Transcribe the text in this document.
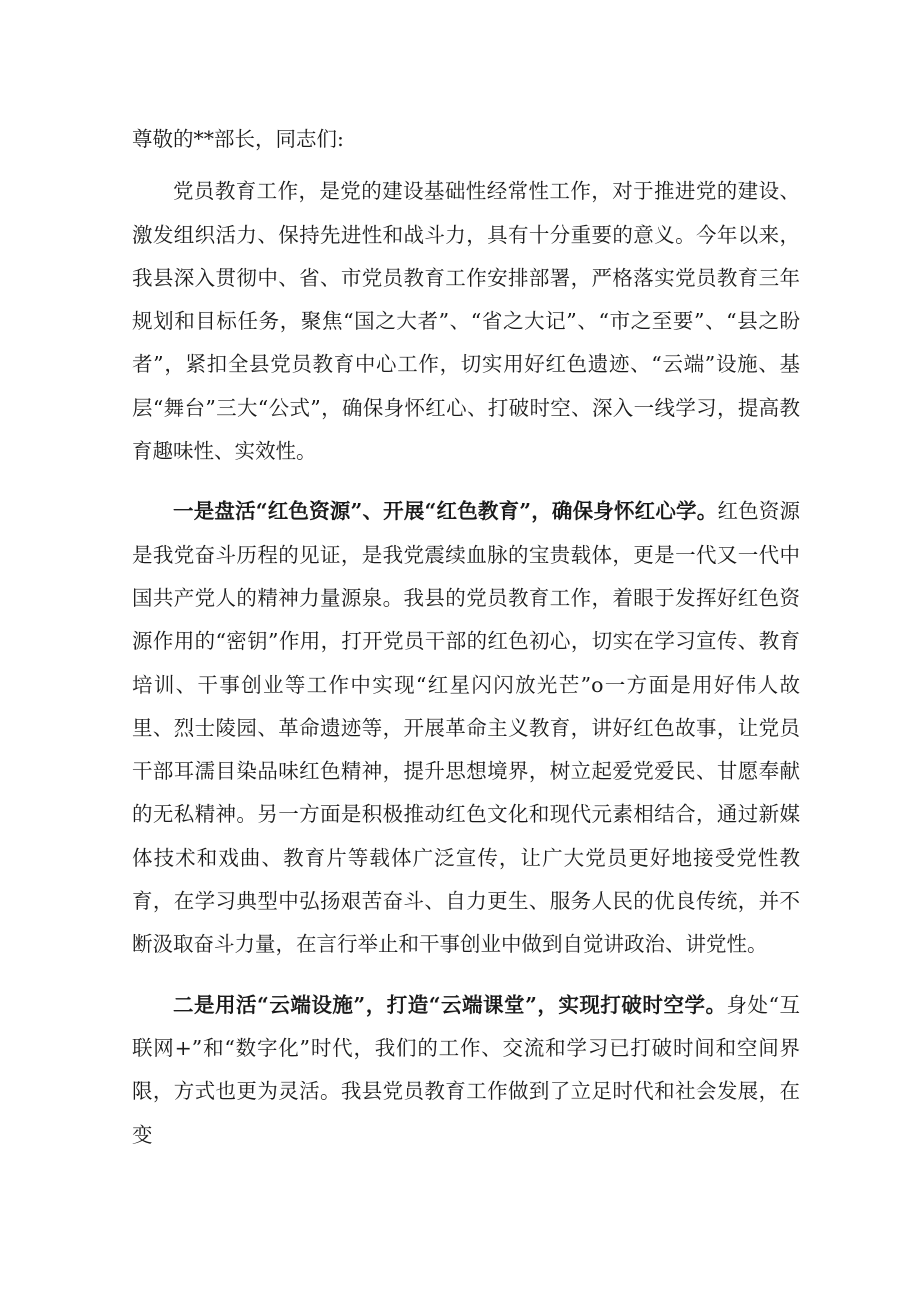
尊敬的**部长，同志们:

党员教育工作，是党的建设基础性经常性工作，对于推进党的建设、激发组织活力、保持先进性和战斗力，具有十分重要的意义。今年以来，我县深入贯彻中、省、市党员教育工作安排部署，严格落实党员教育三年规划和目标任务，聚焦“国之大者”、“省之大记”、“市之至要”、“县之盼者”，紧扣全县党员教育中心工作，切实用好红色遗迹、“云端”设施、基层“舞台”三大“公式”，确保身怀红心、打破时空、深入一线学习，提高教育趣味性、实效性。

一是盘活“红色资源”、开展“红色教育”，确保身怀红心学。红色资源是我党奋斗历程的见证，是我党震续血脉的宝贵载体，更是一代又一代中国共产党人的精神力量源泉。我县的党员教育工作，着眼于发挥好红色资源作用的“密钥”作用，打开党员干部的红色初心，切实在学习宣传、教育培训、干事创业等工作中实现“红星闪闪放光芒”o一方面是用好伟人故里、烈士陵园、革命遗迹等，开展革命主义教育，讲好红色故事，让党员干部耳濡目染品味红色精神，提升思想境界，树立起爱党爱民、甘愿奉献的无私精神。另一方面是积极推动红色文化和现代元素相结合，通过新媒体技术和戏曲、教育片等载体广泛宣传，让广大党员更好地接受党性教育，在学习典型中弘扬艰苦奋斗、自力更生、服务人民的优良传统，并不断汲取奋斗力量，在言行举止和干事创业中做到自觉讲政治、讲党性。

二是用活“云端设施”，打造“云端课堂”，实现打破时空学。身处“互联网+”和“数字化”时代，我们的工作、交流和学习已打破时间和空间界限，方式也更为灵活。我县党员教育工作做到了立足时代和社会发展，在变
